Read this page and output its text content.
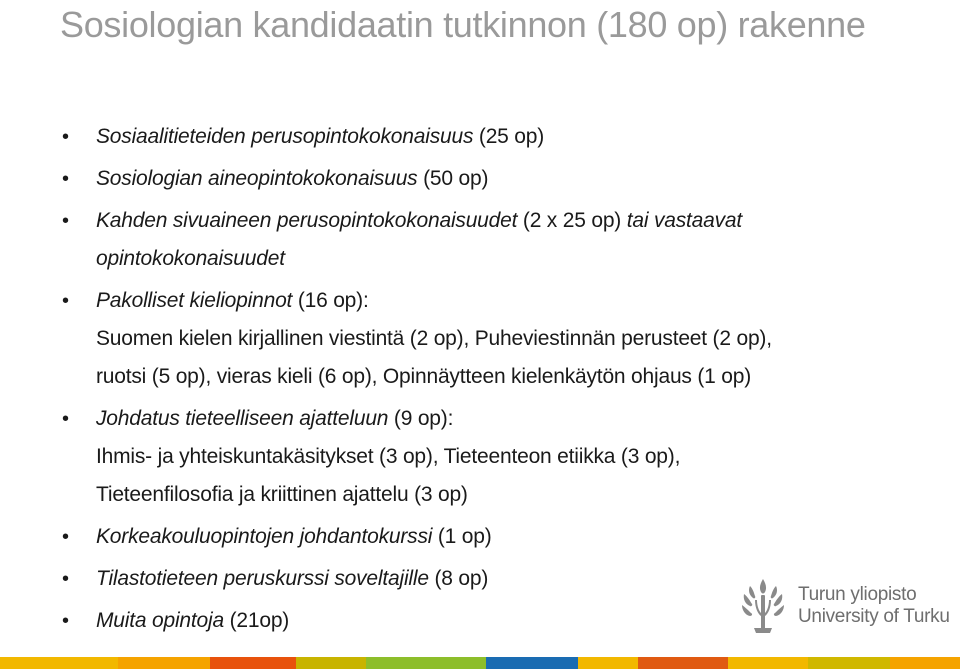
Sosiologian kandidaatin tutkinnon (180 op) rakenne
• Sosiaalitieteiden perusopintokokonaisuus (25 op)
• Sosiologian aineopintokokonaisuus (50 op)
• Kahden sivuaineen perusopintokokonaisuudet (2 x 25 op) tai vastaavat
opintokokonaisuudet
• Pakolliset kieliopinnot (16 op):
Suomen kielen kirjallinen viestintä (2 op), Puheviestinnän perusteet (2 op),
ruotsi (5 op), vieras kieli (6 op), Opinnäytteen kielenkäytön ohjaus (1 op)
• Johdatus tieteelliseen ajatteluun (9 op):
Ihmis- ja yhteiskuntakäsitykset (3 op), Tieteenteon etiikka (3 op),
Tieteenfilosofia ja kriittinen ajattelu (3 op)
• Korkeakouluopintojen johdantokurssi (1 op)
• Tilastotieteen peruskurssi soveltajille (8 op)
• Muita opintoja (21op)
Turun yliopisto
University of Turku
